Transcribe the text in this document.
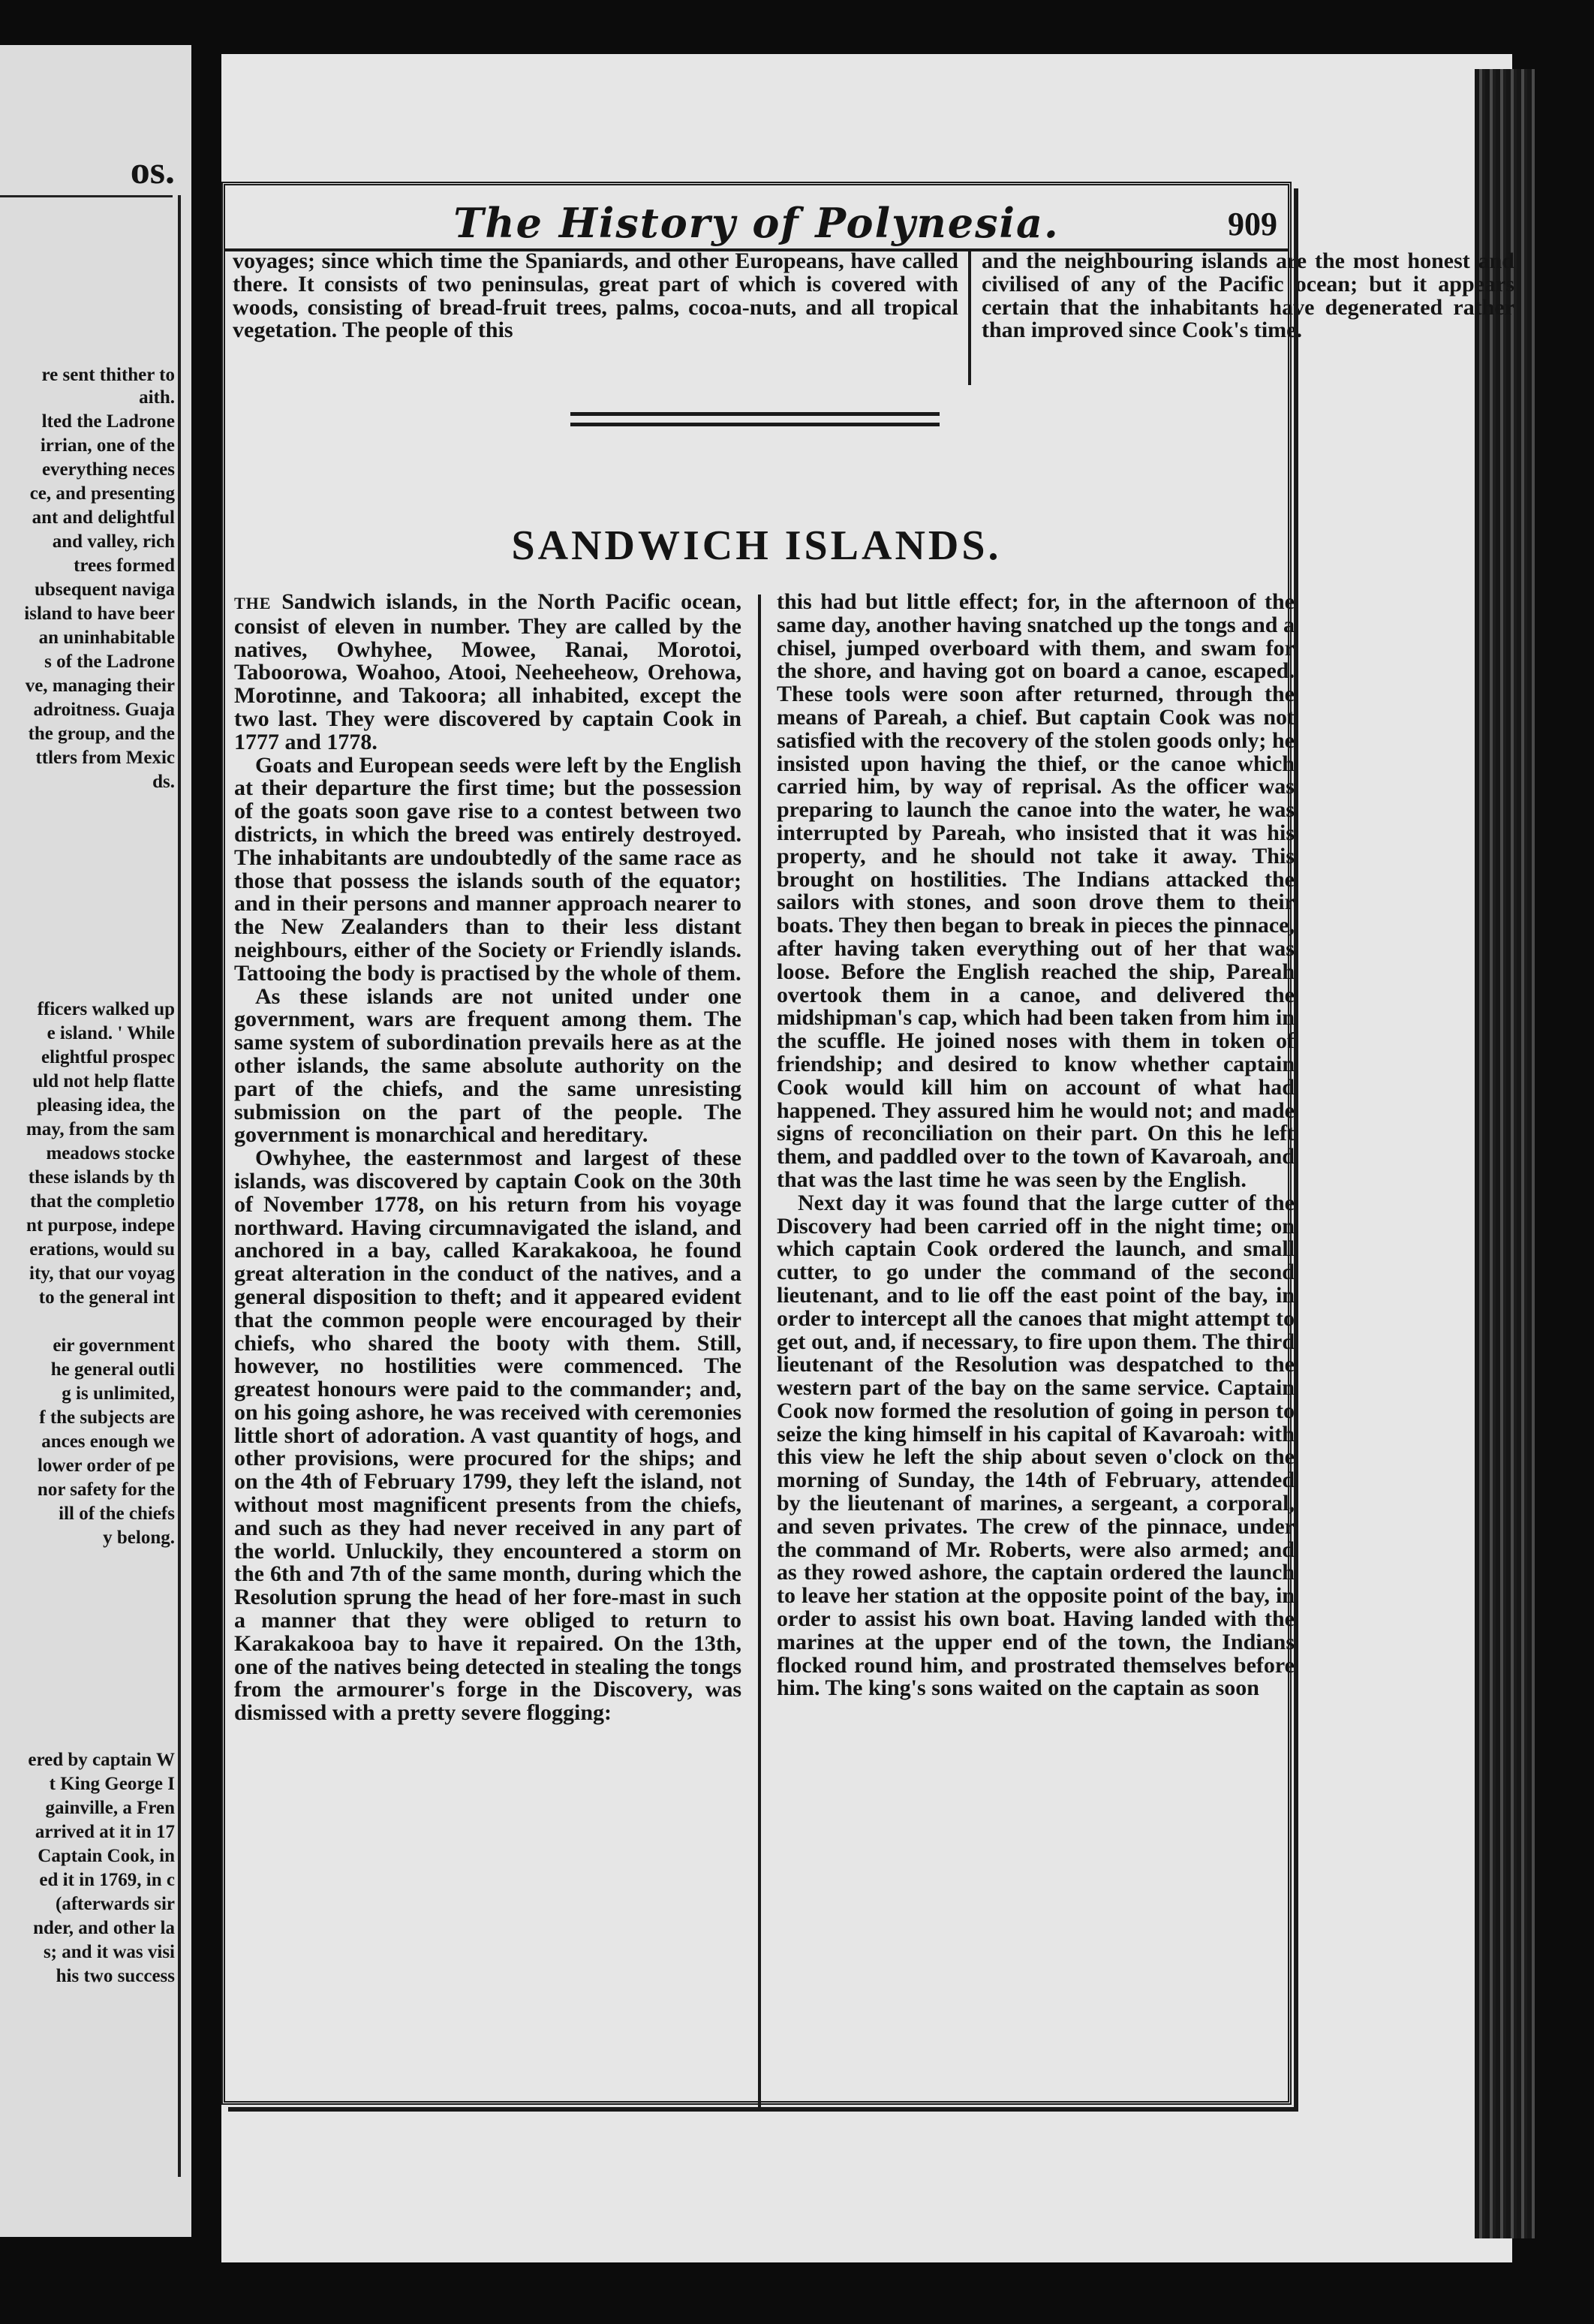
os.
re sent thither to
aith.
lted the Ladrone
irrian, one of the
everything neces
ce, and presenting
ant and delightful
and valley, rich
trees formed
ubsequent naviga
island to have beer
an uninhabitable
s of the Ladrone
ve, managing their
adroitness. Guaja
the group, and the
ttlers from Mexic
ds.
fficers walked up
e island. ' While
elightful prospec
uld not help flatte
pleasing idea, the
may, from the sam
meadows stocke
these islands by th
that the completio
nt purpose, indepe
erations, would su
ity, that our voyag
to the general int
eir government
he general outli
g is unlimited,
f the subjects are
ances enough we
lower order of pe
nor safety for the
ill of the chiefs
y belong.
ered by captain W
t King George I
gainville, a Fren
arrived at it in 17
Captain Cook, in
ed it in 1769, in c
(afterwards sir
nder, and other la
s; and it was visi
his two success
The History of Polynesia.	909

voyages; since which time the Spaniards, and other Europeans, have called there. It consists of two peninsulas, great part of which is covered with woods, consisting of bread-fruit trees, palms, cocoa-nuts, and all tropical vegetation. The people of this

and the neighbouring islands are the most honest and civilised of any of the Pacific ocean; but it appears certain that the inhabitants have degenerated rather than improved since Cook's time.

SANDWICH ISLANDS.

THE Sandwich islands, in the North Pacific ocean, consist of eleven in number. They are called by the natives, Owhyhee, Mowee, Ranai, Morotoi, Taboorowa, Woahoo, Atooi, Neeheeheow, Orehowa, Morotinne, and Takoora; all inhabited, except the two last. They were discovered by captain Cook in 1777 and 1778.

Goats and European seeds were left by the English at their departure the first time; but the possession of the goats soon gave rise to a contest between two districts, in which the breed was entirely destroyed. The inhabitants are undoubtedly of the same race as those that possess the islands south of the equator; and in their persons and manner approach nearer to the New Zealanders than to their less distant neighbours, either of the Society or Friendly islands. Tattooing the body is practised by the whole of them.

As these islands are not united under one government, wars are frequent among them. The same system of subordination prevails here as at the other islands, the same absolute authority on the part of the chiefs, and the same unresisting submission on the part of the people. The government is monarchical and hereditary.

Owhyhee, the easternmost and largest of these islands, was discovered by captain Cook on the 30th of November 1778, on his return from his voyage northward. Having circumnavigated the island, and anchored in a bay, called Karakakooa, he found great alteration in the conduct of the natives, and a general disposition to theft; and it appeared evident that the common people were encouraged by their chiefs, who shared the booty with them. Still, however, no hostilities were commenced. The greatest honours were paid to the commander; and, on his going ashore, he was received with ceremonies little short of adoration. A vast quantity of hogs, and other provisions, were procured for the ships; and on the 4th of February 1799, they left the island, not without most magnificent presents from the chiefs, and such as they had never received in any part of the world. Unluckily, they encountered a storm on the 6th and 7th of the same month, during which the Resolution sprung the head of her fore-mast in such a manner that they were obliged to return to Karakakooa bay to have it repaired. On the 13th, one of the natives being detected in stealing the tongs from the armourer's forge in the Discovery, was dismissed with a pretty severe flogging:

this had but little effect; for, in the afternoon of the same day, another having snatched up the tongs and a chisel, jumped overboard with them, and swam for the shore, and having got on board a canoe, escaped. These tools were soon after returned, through the means of Pareah, a chief. But captain Cook was not satisfied with the recovery of the stolen goods only; he insisted upon having the thief, or the canoe which carried him, by way of reprisal. As the officer was preparing to launch the canoe into the water, he was interrupted by Pareah, who insisted that it was his property, and he should not take it away. This brought on hostilities. The Indians attacked the sailors with stones, and soon drove them to their boats. They then began to break in pieces the pinnace, after having taken everything out of her that was loose. Before the English reached the ship, Pareah overtook them in a canoe, and delivered the midshipman's cap, which had been taken from him in the scuffle. He joined noses with them in token of friendship; and desired to know whether captain Cook would kill him on account of what had happened. They assured him he would not; and made signs of reconciliation on their part. On this he left them, and paddled over to the town of Kavaroah, and that was the last time he was seen by the English.

Next day it was found that the large cutter of the Discovery had been carried off in the night time; on which captain Cook ordered the launch, and small cutter, to go under the command of the second lieutenant, and to lie off the east point of the bay, in order to intercept all the canoes that might attempt to get out, and, if necessary, to fire upon them. The third lieutenant of the Resolution was despatched to the western part of the bay on the same service. Captain Cook now formed the resolution of going in person to seize the king himself in his capital of Kavaroah: with this view he left the ship about seven o'clock on the morning of Sunday, the 14th of February, attended by the lieutenant of marines, a sergeant, a corporal, and seven privates. The crew of the pinnace, under the command of Mr. Roberts, were also armed; and as they rowed ashore, the captain ordered the launch to leave her station at the opposite point of the bay, in order to assist his own boat. Having landed with the marines at the upper end of the town, the Indians flocked round him, and prostrated themselves before him. The king's sons waited on the captain as soon
